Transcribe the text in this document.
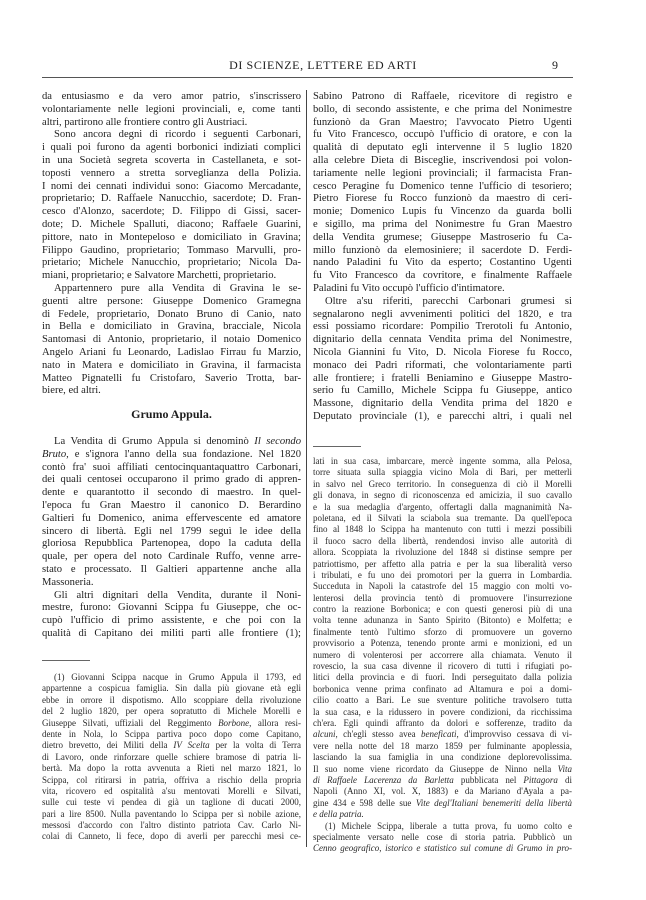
DI SCIENZE, LETTERE ED ARTI	9
da entusiasmo e da vero amor patrio, s'inscrissero
volontariamente nelle legioni provinciali, e, come tanti
altri, partirono alle frontiere contro gli Austriaci.
Sono ancora degni di ricordo i seguenti Carbonari,
i quali poi furono da agenti borbonici indiziati complici
in una Società segreta scoverta in Castellaneta, e sot-
toposti vennero a stretta sorveglianza della Polizia.
I nomi dei cennati individui sono: Giacomo Mercadante,
proprietario; D. Raffaele Nanucchio, sacerdote; D. Fran-
cesco d'Alonzo, sacerdote; D. Filippo di Gissi, sacer-
dote; D. Michele Spalluti, diacono; Raffaele Guarini,
pittore, nato in Montepeloso e domiciliato in Gravina;
Filippo Gaudino, proprietario; Tommaso Marvulli, pro-
prietario; Michele Nanucchio, proprietario; Nicola Da-
miani, proprietario; e Salvatore Marchetti, proprietario.
Appartennero pure alla Vendita di Gravina le se-
guenti altre persone: Giuseppe Domenico Gramegna
di Fedele, proprietario, Donato Bruno di Canio, nato
in Bella e domiciliato in Gravina, bracciale, Nicola
Santomasi di Antonio, proprietario, il notaio Domenico
Angelo Ariani fu Leonardo, Ladislao Firrau fu Marzio,
nato in Matera e domiciliato in Gravina, il farmacista
Matteo Pignatelli fu Cristofaro, Saverio Trotta, bar-
biere, ed altri.
Grumo Appula.
La Vendita di Grumo Appula si denominò Il secondo
Bruto, e s'ignora l'anno della sua fondazione. Nel 1820
contò fra' suoi affiliati centocinquantaquattro Carbonari,
dei quali centosei occuparono il primo grado di appren-
dente e quarantotto il secondo di maestro. In quel-
l'epoca fu Gran Maestro il canonico D. Berardino
Galtieri fu Domenico, anima effervescente ed amatore
sincero di libertà. Egli nel 1799 seguì le idee della
gloriosa Repubblica Partenopea, dopo la caduta della
quale, per opera del noto Cardinale Ruffo, venne arre-
stato e processato. Il Galtieri appartenne anche alla
Massoneria.
Gli altri dignitari della Vendita, durante il Noni-
mestre, furono: Giovanni Scippa fu Giuseppe, che oc-
cupò l'ufficio di primo assistente, e che poi con la
qualità di Capitano dei militi partì alle frontiere (1);
(1) Giovanni Scippa nacque in Grumo Appula il 1793, ed
appartenne a cospicua famiglia. Sin dalla più giovane età egli
ebbe in orrore il dispotismo. Allo scoppiare della rivoluzione
del 2 luglio 1820, per opera sopratutto di Michele Morelli e
Giuseppe Silvati, uffiziali del Reggimento Borbone, allora resi-
dente in Nola, lo Scippa partiva poco dopo come Capitano,
dietro brevetto, dei Militi della IV Scelta per la volta di Terra
di Lavoro, onde rinforzare quelle schiere bramose di patria li-
bertà. Ma dopo la rotta avvenuta a Rieti nel marzo 1821, lo
Scippa, col ritirarsi in patria, offriva a rischio della propria
vita, ricovero ed ospitalità a'su mentovati Morelli e Silvati,
sulle cui teste vi pendea di già un taglione di ducati 2000,
pari a lire 8500. Nulla paventando lo Scippa per sì nobile azione,
messosi d'accordo con l'altro distinto patriota Cav. Carlo Ni-
colai di Canneto, li fece, dopo di averli per parecchi mesi ce-
Sabino Patrono di Raffaele, ricevitore di registro e
bollo, di secondo assistente, e che prima del Nonimestre
funzionò da Gran Maestro; l'avvocato Pietro Ugenti
fu Vito Francesco, occupò l'ufficio di oratore, e con la
qualità di deputato egli intervenne il 5 luglio 1820
alla celebre Dieta di Bisceglie, inscrivendosi poi volon-
tariamente nelle legioni provinciali; il farmacista Fran-
cesco Peragine fu Domenico tenne l'ufficio di tesoriero;
Pietro Fiorese fu Rocco funzionò da maestro di ceri-
monie; Domenico Lupis fu Vincenzo da guarda bolli
e sigillo, ma prima del Nonimestre fu Gran Maestro
della Vendita grumese; Giuseppe Mastroserio fu Ca-
millo funzionò da elemosiniere; il sacerdote D. Ferdi-
nando Paladini fu Vito da esperto; Costantino Ugenti
fu Vito Francesco da covritore, e finalmente Raffaele
Paladini fu Vito occupò l'ufficio d'intimatore.
Oltre a'su riferiti, parecchi Carbonari grumesi si
segnalarono negli avvenimenti politici del 1820, e tra
essi possiamo ricordare: Pompilio Trerotoli fu Antonio,
dignitario della cennata Vendita prima del Nonimestre,
Nicola Giannini fu Vito, D. Nicola Fiorese fu Rocco,
monaco dei Padri riformati, che volontariamente partì
alle frontiere; i fratelli Beniamino e Giuseppe Mastro-
serio fu Camillo, Michele Scippa fu Giuseppe, antico
Massone, dignitario della Vendita prima del 1820 e
Deputato provinciale (1), e parecchi altri, i quali nel
lati in sua casa, imbarcare, mercè ingente somma, alla Pelosa,
torre situata sulla spiaggia vicino Mola di Bari, per metterli
in salvo nel Greco territorio. In conseguenza di ciò il Morelli
gli donava, in segno di riconoscenza ed amicizia, il suo cavallo
e la sua medaglia d'argento, offertagli dalla magnanimità Na-
poletana, ed il Silvati la sciabola sua tremante. Da quell'epoca
fino al 1848 lo Scippa ha mantenuto con tutti i mezzi possibili
il fuoco sacro della libertà, rendendosi inviso alle autorità di
allora. Scoppiata la rivoluzione del 1848 si distinse sempre per
patriottismo, per affetto alla patria e per la sua liberalità verso
i tribulati, e fu uno dei promotori per la guerra in Lombardia.
Succeduta in Napoli la catastrofe del 15 maggio con molti vo-
lenterosi della provincia tentò di promuovere l'insurrezione
contro la reazione Borbonica; e con questi generosi più di una
volta tenne adunanza in Santo Spirito (Bitonto) e Molfetta; e
finalmente tentò l'ultimo sforzo di promuovere un governo
provvisorio a Potenza, tenendo pronte armi e monizioni, ed un
numero di volenterosi per accorrere alla chiamata. Venuto il
rovescio, la sua casa divenne il ricovero di tutti i rifugiati po-
litici della provincia e di fuori. Indi perseguitato dalla polizia
borbonica venne prima confinato ad Altamura e poi a domi-
cilio coatto a Bari. Le sue sventure politiche travolsero tutta
la sua casa, e la ridussero in povere condizioni, da ricchissima
ch'era. Egli quindi affranto da dolori e sofferenze, tradito da
alcuni, ch'egli stesso avea beneficati, d'improvviso cessava di vi-
vere nella notte del 18 marzo 1859 per fulminante apoplessia,
lasciando la sua famiglia in una condizione deplorevolissima.
Il suo nome viene ricordato da Giuseppe de Ninno nella Vita
di Raffaele Lacerenza da Barletta pubblicata nel Pittagora di
Napoli (Anno XI, vol. X, 1883) e da Mariano d'Ayala a pa-
gine 434 e 598 delle sue Vite degl'Italiani benemeriti della libertà
e della patria.
(1) Michele Scippa, liberale a tutta prova, fu uomo colto e
specialmente versato nelle cose di storia patria. Pubblicò un
Cenno geografico, istorico e statistico sul comune di Grumo in pro-
